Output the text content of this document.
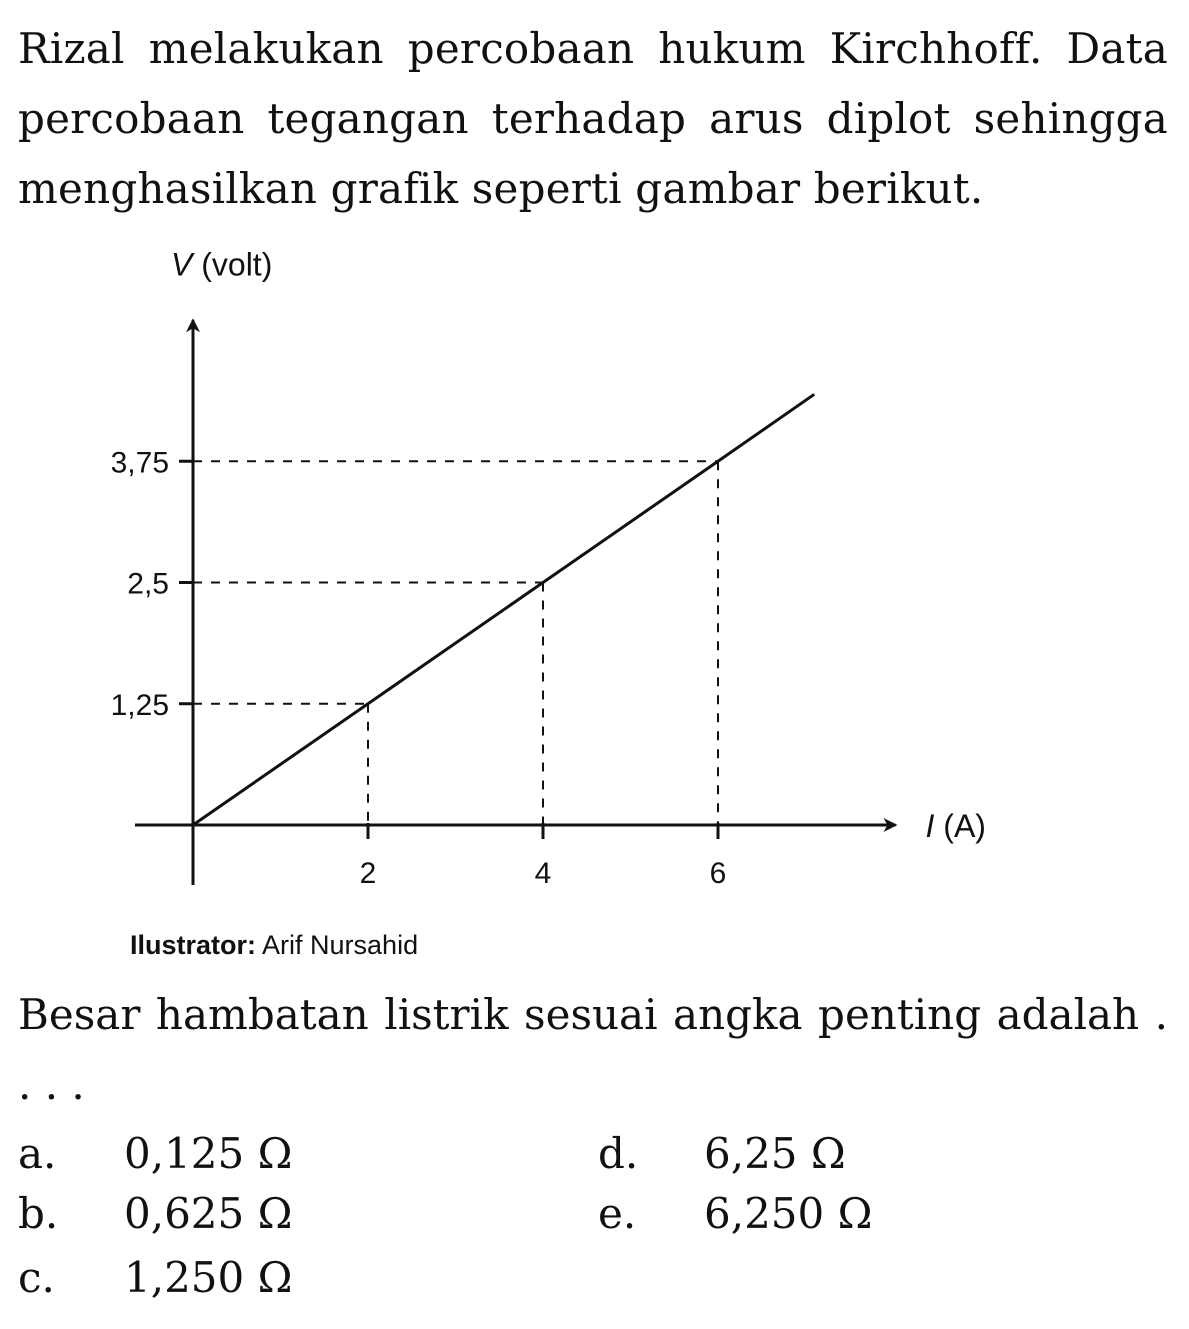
Rizal melakukan percobaan hukum Kirchhoff. Data percobaan tegangan terhadap arus diplot sehingga menghasilkan grafik seperti gambar berikut.
1,25
2,5
3,75
2	4	6
V (volt)
I (A)
Ilustrator: Arif Nursahid
Besar hambatan listrik sesuai angka penting adalah . . . .
a. 0,125 Ω
b. 0,625 Ω
c. 1,250 Ω
d. 6,25 Ω
e. 6,250 Ω
